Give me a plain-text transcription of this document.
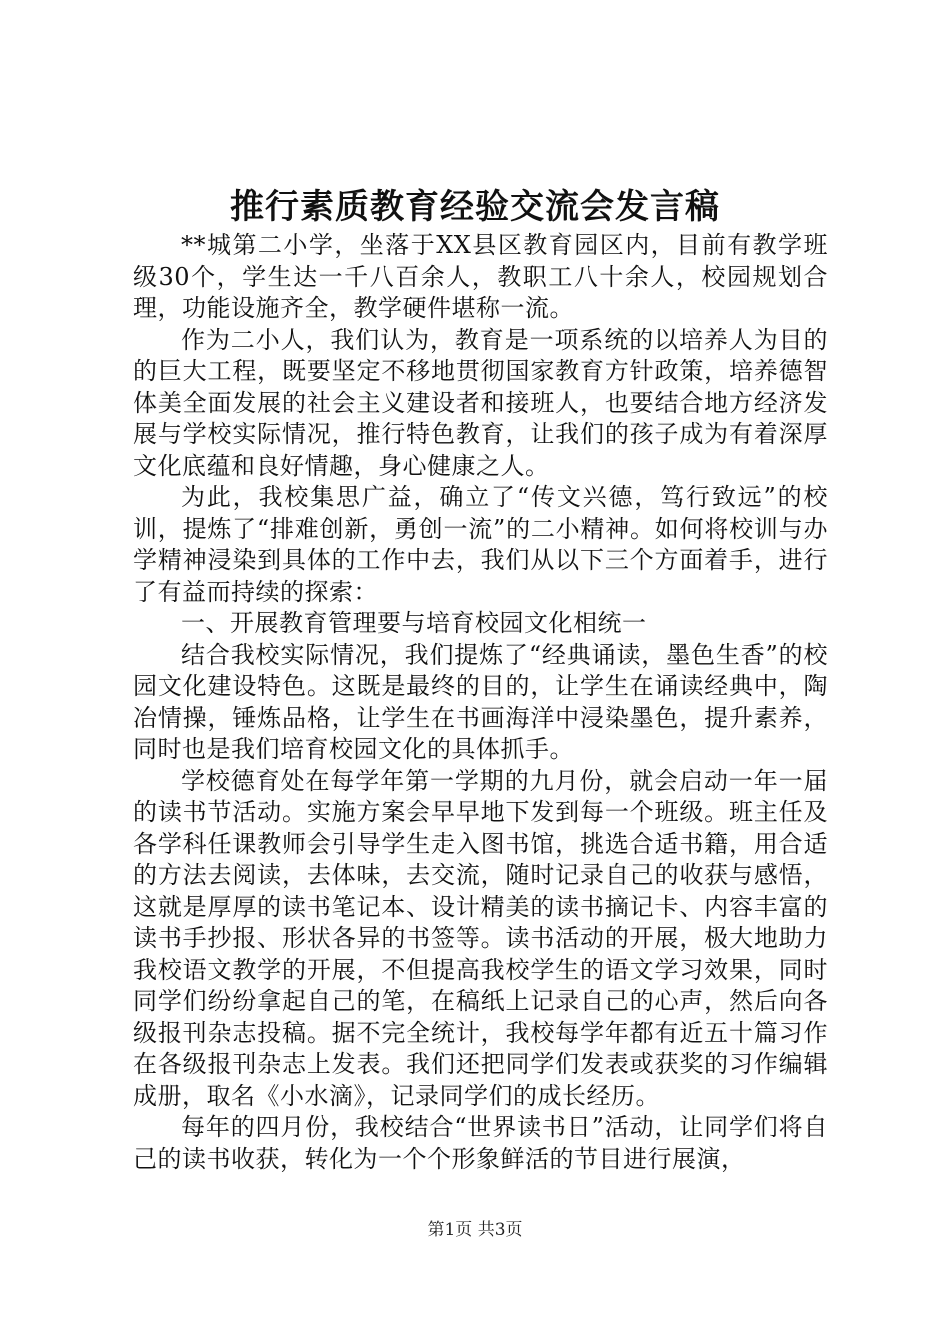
推行素质教育经验交流会发言稿

**城第二小学，坐落于XX县区教育园区内，目前有教学班级30个，学生达一千八百余人，教职工八十余人，校园规划合理，功能设施齐全，教学硬件堪称一流。

作为二小人，我们认为，教育是一项系统的以培养人为目的的巨大工程，既要坚定不移地贯彻国家教育方针政策，培养德智体美全面发展的社会主义建设者和接班人，也要结合地方经济发展与学校实际情况，推行特色教育，让我们的孩子成为有着深厚文化底蕴和良好情趣，身心健康之人。

为此，我校集思广益，确立了“传文兴德，笃行致远”的校训，提炼了“排难创新，勇创一流”的二小精神。如何将校训与办学精神浸染到具体的工作中去，我们从以下三个方面着手，进行了有益而持续的探索：

一、开展教育管理要与培育校园文化相统一

结合我校实际情况，我们提炼了“经典诵读，墨色生香”的校园文化建设特色。这既是最终的目的，让学生在诵读经典中，陶冶情操，锤炼品格，让学生在书画海洋中浸染墨色，提升素养，同时也是我们培育校园文化的具体抓手。

学校德育处在每学年第一学期的九月份，就会启动一年一届的读书节活动。实施方案会早早地下发到每一个班级。班主任及各学科任课教师会引导学生走入图书馆，挑选合适书籍，用合适的方法去阅读，去体味，去交流，随时记录自己的收获与感悟，这就是厚厚的读书笔记本、设计精美的读书摘记卡、内容丰富的读书手抄报、形状各异的书签等。读书活动的开展，极大地助力我校语文教学的开展，不但提高我校学生的语文学习效果，同时同学们纷纷拿起自己的笔，在稿纸上记录自己的心声，然后向各级报刊杂志投稿。据不完全统计，我校每学年都有近五十篇习作在各级报刊杂志上发表。我们还把同学们发表或获奖的习作编辑成册，取名《小水滴》，记录同学们的成长经历。

每年的四月份，我校结合“世界读书日”活动，让同学们将自己的读书收获，转化为一个个形象鲜活的节目进行展演，

第1页 共3页
